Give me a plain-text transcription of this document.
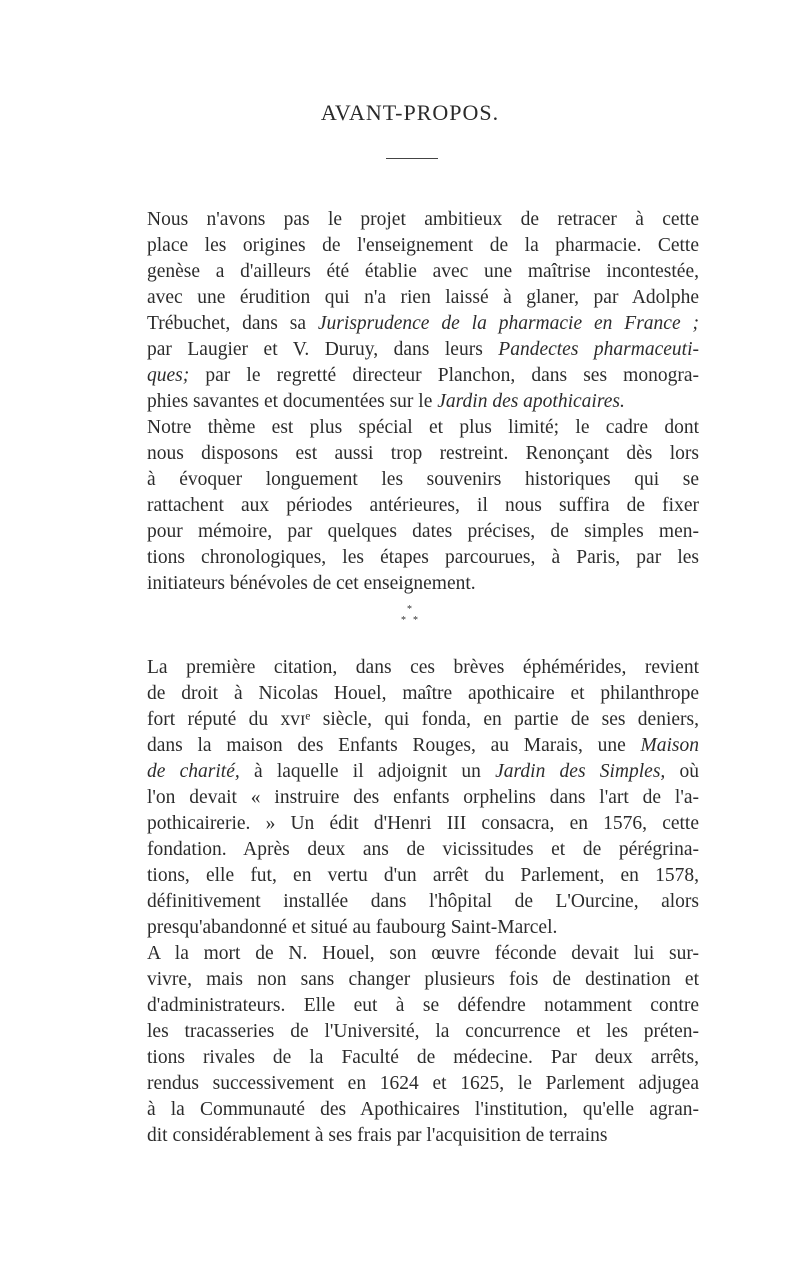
AVANT-PROPOS.
Nous n'avons pas le projet ambitieux de retracer à cette
place les origines de l'enseignement de la pharmacie. Cette
genèse a d'ailleurs été établie avec une maîtrise incontestée,
avec une érudition qui n'a rien laissé à glaner, par Adolphe
Trébuchet, dans sa Jurisprudence de la pharmacie en France ;
par Laugier et V. Duruy, dans leurs Pandectes pharmaceuti-
ques; par le regretté directeur Planchon, dans ses monogra-
phies savantes et documentées sur le Jardin des apothicaires.
Notre thème est plus spécial et plus limité; le cadre dont
nous disposons est aussi trop restreint. Renonçant dès lors
à évoquer longuement les souvenirs historiques qui se
rattachent aux périodes antérieures, il nous suffira de fixer
pour mémoire, par quelques dates précises, de simples men-
tions chronologiques, les étapes parcourues, à Paris, par les
initiateurs bénévoles de cet enseignement.
*
* *
La première citation, dans ces brèves éphémérides, revient
de droit à Nicolas Houel, maître apothicaire et philanthrope
fort réputé du xvɪᵉ siècle, qui fonda, en partie de ses deniers,
dans la maison des Enfants Rouges, au Marais, une Maison
de charité, à laquelle il adjoignit un Jardin des Simples, où
l'on devait « instruire des enfants orphelins dans l'art de l'a-
pothicairerie. » Un édit d'Henri III consacra, en 1576, cette
fondation. Après deux ans de vicissitudes et de pérégrina-
tions, elle fut, en vertu d'un arrêt du Parlement, en 1578,
définitivement installée dans l'hôpital de L'Ourcine, alors
presqu'abandonné et situé au faubourg Saint-Marcel.
A la mort de N. Houel, son œuvre féconde devait lui sur-
vivre, mais non sans changer plusieurs fois de destination et
d'administrateurs. Elle eut à se défendre notamment contre
les tracasseries de l'Université, la concurrence et les préten-
tions rivales de la Faculté de médecine. Par deux arrêts,
rendus successivement en 1624 et 1625, le Parlement adjugea
à la Communauté des Apothicaires l'institution, qu'elle agran-
dit considérablement à ses frais par l'acquisition de terrains
